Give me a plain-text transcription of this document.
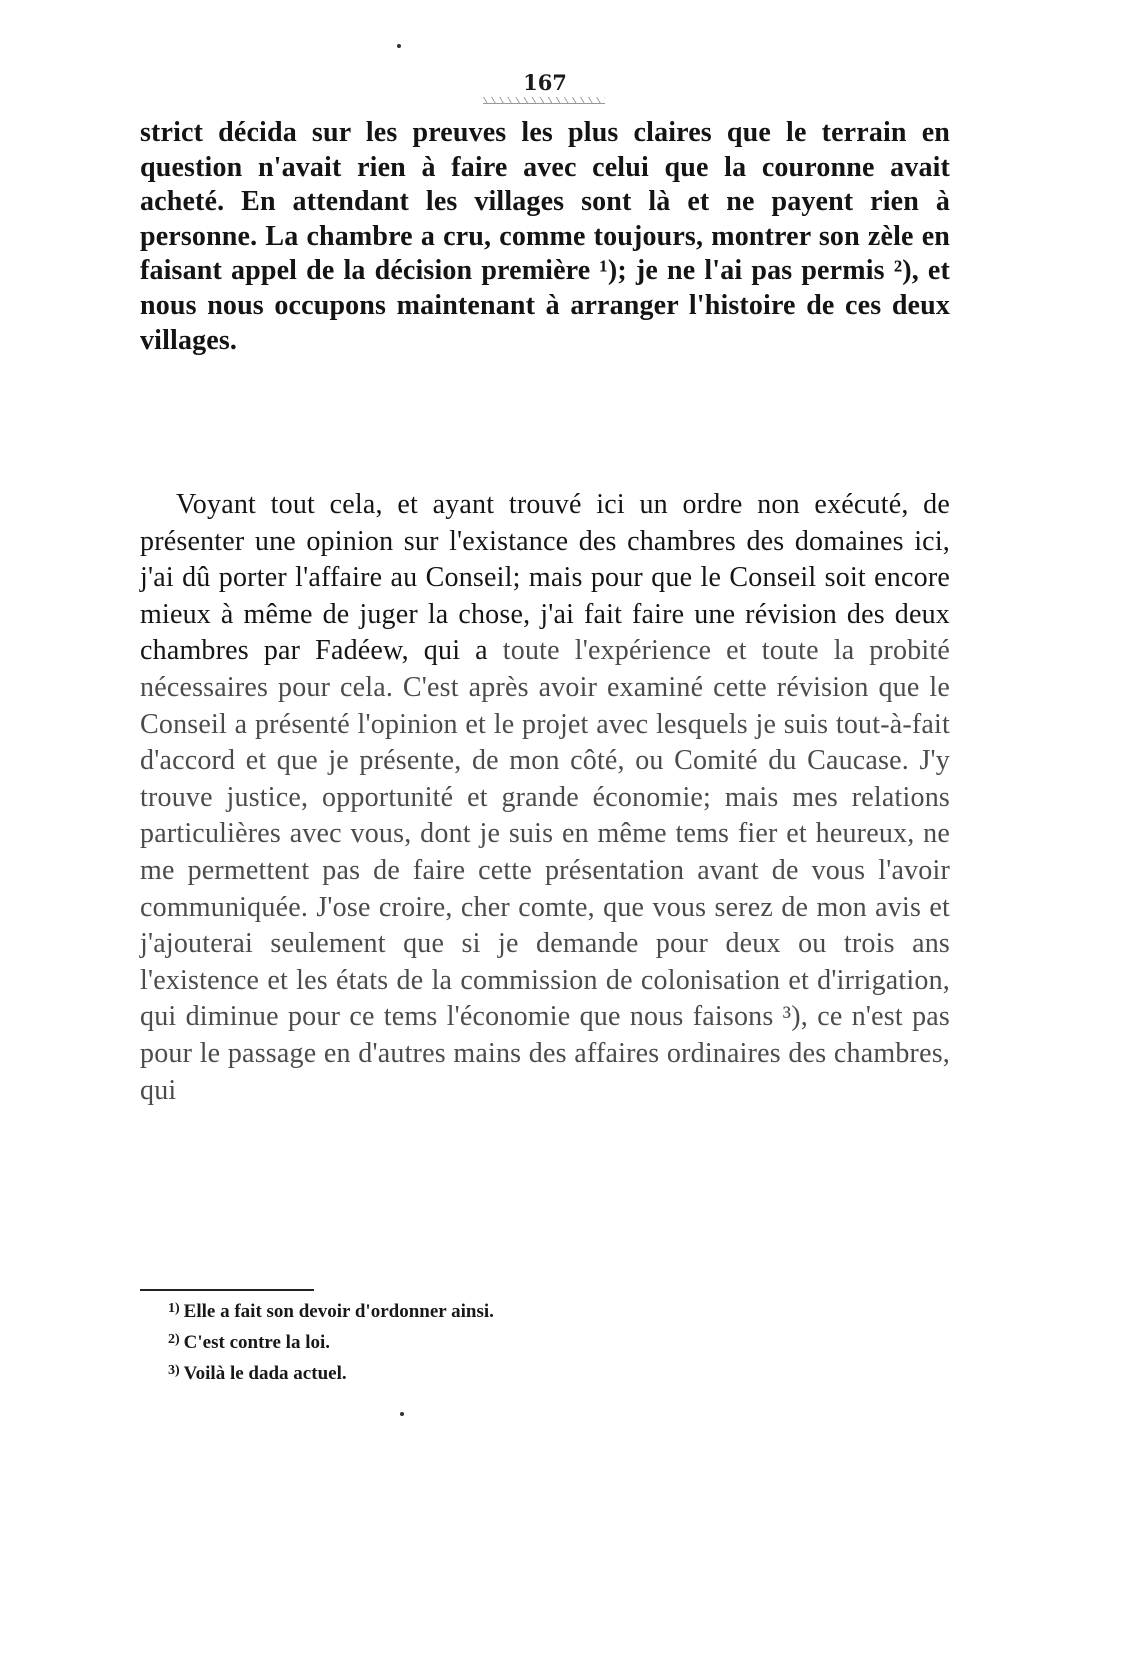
167
strict décida sur les preuves les plus claires que le terrain en question n'avait rien à faire avec celui que la couronne avait acheté. En attendant les villages sont là et ne payent rien à personne. La chambre a cru, comme toujours, montrer son zèle en faisant appel de la décision première ¹); je ne l'ai pas permis ²), et nous nous occupons maintenant à arranger l'histoire de ces deux villages.
Voyant tout cela, et ayant trouvé ici un ordre non exécuté, de présenter une opinion sur l'existance des chambres des domaines ici, j'ai dû porter l'affaire au Conseil; mais pour que le Conseil soit encore mieux à même de juger la chose, j'ai fait faire une révision des deux chambres par Fadéew, qui a toute l'expérience et toute la probité nécessaires pour cela. C'est après avoir examiné cette révision que le Conseil a présenté l'opinion et le projet avec lesquels je suis tout-à-fait d'accord et que je présente, de mon côté, ou Comité du Caucase. J'y trouve justice, opportunité et grande économie; mais mes relations particulières avec vous, dont je suis en même tems fier et heureux, ne me permettent pas de faire cette présentation avant de vous l'avoir communiquée. J'ose croire, cher comte, que vous serez de mon avis et j'ajouterai seulement que si je demande pour deux ou trois ans l'existence et les états de la commission de colonisation et d'irrigation, qui diminue pour ce tems l'économie que nous faisons ³), ce n'est pas pour le passage en d'autres mains des affaires ordinaires des chambres, qui
$^{1)}$ Elle a fait son devoir d'ordonner ainsi.
$^{2)}$ C'est contre la loi.
$^{3)}$ Voilà le dada actuel.
